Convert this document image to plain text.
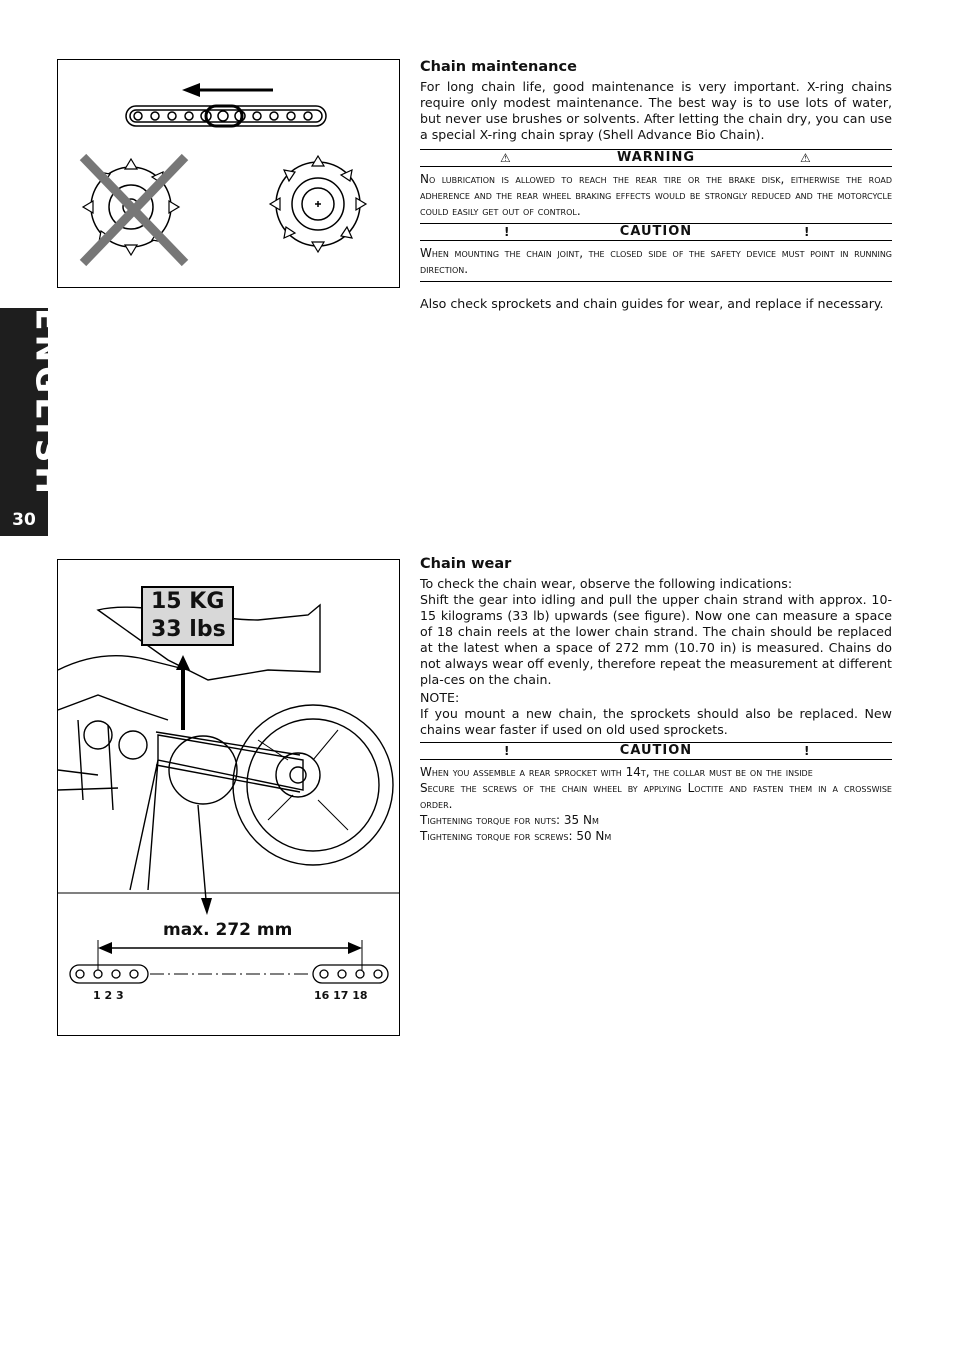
ENGLISH
30
Chain maintenance

For long chain life, good maintenance is very important. X-ring chains require only modest maintenance. The best way is to use lots of water, but never use brushes or solvents. After letting the chain dry, you can use a special X-ring chain spray (Shell Advance Bio Chain).

⚠	WARNING	⚠

No lubrication is allowed to reach the rear tire or the brake disk, eitherwise the road adherence and the rear wheel braking effects would be strongly reduced and the motorcycle could easily get out of control.

!	CAUTION	!

When mounting the chain joint, the closed side of the safety device must point in running direction.

Also check sprockets and chain guides for wear, and replace if necessary.

15 KG
33 lbs
max. 272 mm
1 2 3	16 17 18
Chain wear

To check the chain wear, observe the following indications:

Shift the gear into idling and pull the upper chain strand with approx. 10-15 kilograms (33 lb) upwards (see figure). Now one can measure a space of 18 chain reels at the lower chain strand. The chain should be replaced at the latest when a space of 272 mm (10.70 in) is measured. Chains do not always wear off evenly, therefore repeat the measurement at different pla-ces on the chain.

NOTE:

If you mount a new chain, the sprockets should also be replaced. New chains wear faster if used on old used sprockets.

!	CAUTION	!

When you assemble a rear sprocket with 14t, the collar must be on the inside

Secure the screws of the chain wheel by applying Loctite and fasten them in a crosswise order.

Tightening torque for nuts: 35 Nm

Tightening torque for screws: 50 Nm
